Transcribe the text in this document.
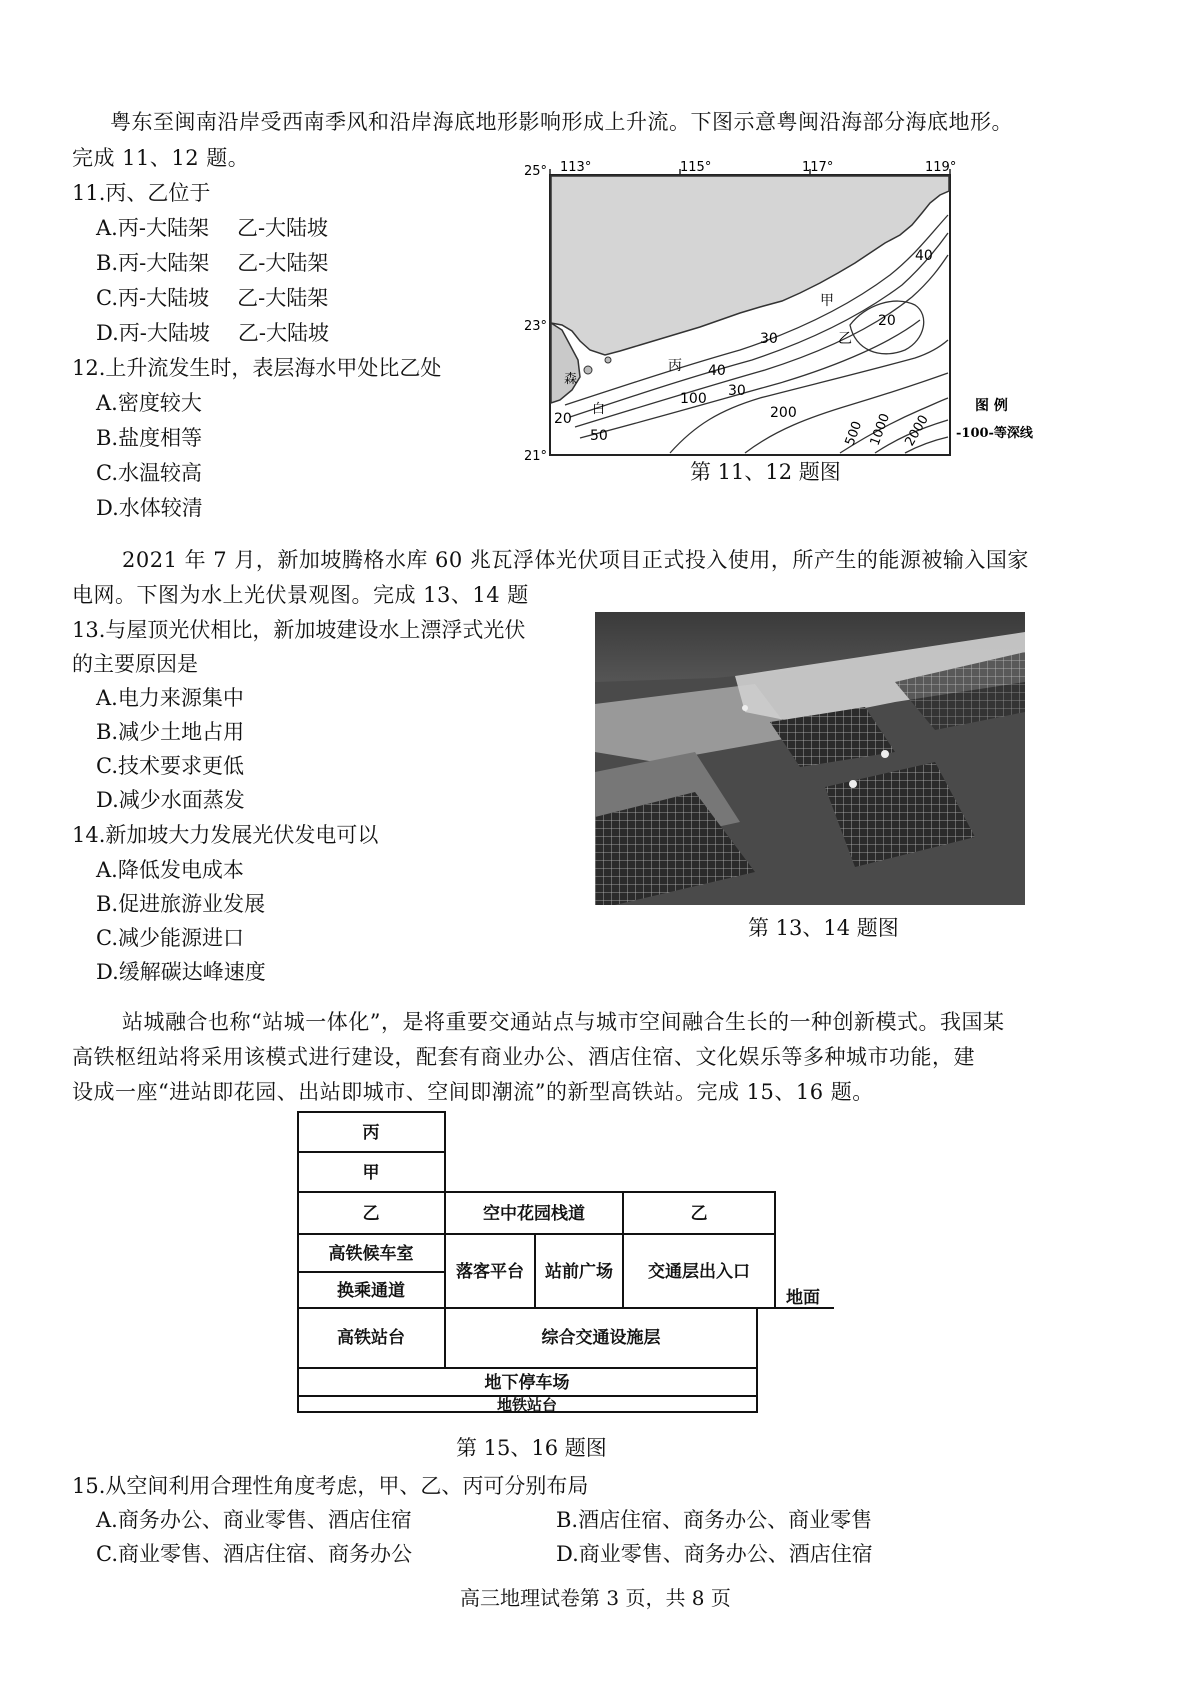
粤东至闽南沿岸受西南季风和沿岸海底地形影响形成上升流。下图示意粤闽沿海部分海底地形。
完成 11、12 题。
11.丙、乙位于
A.丙-大陆架 乙-大陆坡
B.丙-大陆架 乙-大陆架
C.丙-大陆坡 乙-大陆架
D.丙-大陆坡 乙-大陆坡
12.上升流发生时，表层海水甲处比乙处
A.密度较大
B.盐度相等
C.水温较高
D.水体较清
25°
23°
21°
113°	115°	117°	119°
40
20
30
40
30
20
50
100
200
500 1000 2000
甲
乙
丙
森
白	图 例
-100-等深线
第 11、12 题图
2021 年 7 月，新加坡腾格水库 60 兆瓦浮体光伏项目正式投入使用，所产生的能源被输入国家
电网。下图为水上光伏景观图。完成 13、14 题
13.与屋顶光伏相比，新加坡建设水上漂浮式光伏
的主要原因是
A.电力来源集中
B.减少土地占用
C.技术要求更低
D.减少水面蒸发
14.新加坡大力发展光伏发电可以
A.降低发电成本
B.促进旅游业发展
C.减少能源进口
D.缓解碳达峰速度
第 13、14 题图
站城融合也称“站城一体化”，是将重要交通站点与城市空间融合生长的一种创新模式。我国某
高铁枢纽站将采用该模式进行建设，配套有商业办公、酒店住宿、文化娱乐等多种城市功能，建
设成一座“进站即花园、出站即城市、空间即潮流”的新型高铁站。完成 15、16 题。
丙
甲
乙	空中花园栈道	乙
高铁候车室
换乘通道
落客平台 站前广场 交通层出入口
高铁站台	综合交通设施层
地下停车场
地铁站台
地面
第 15、16 题图
15.从空间利用合理性角度考虑，甲、乙、丙可分别布局
A.商务办公、商业零售、酒店住宿	B.酒店住宿、商务办公、商业零售
C.商业零售、酒店住宿、商务办公	D.商业零售、商务办公、酒店住宿
高三地理试卷第 3 页，共 8 页
